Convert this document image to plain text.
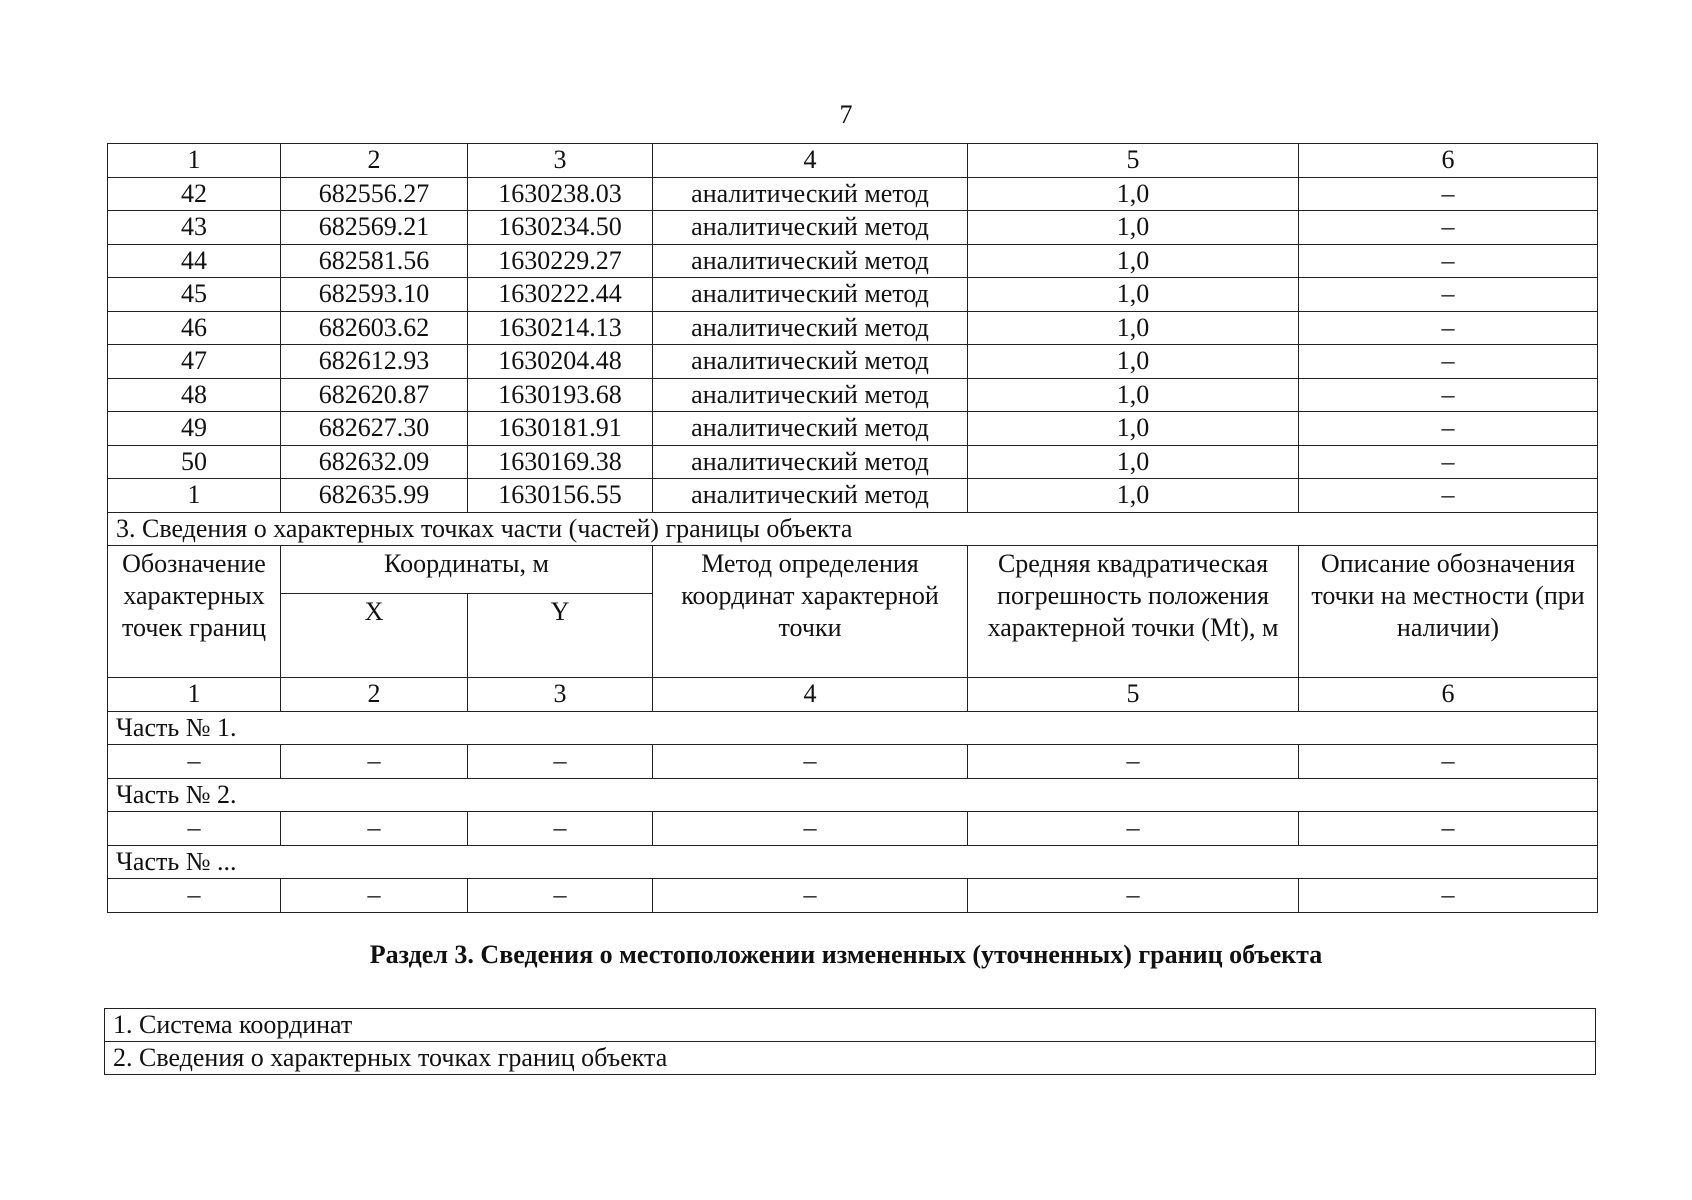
7
1	2	3	4	5	6
42	682556.27	1630238.03	аналитический метод	1,0	–
43	682569.21	1630234.50	аналитический метод	1,0	–
44	682581.56	1630229.27	аналитический метод	1,0	–
45	682593.10	1630222.44	аналитический метод	1,0	–
46	682603.62	1630214.13	аналитический метод	1,0	–
47	682612.93	1630204.48	аналитический метод	1,0	–
48	682620.87	1630193.68	аналитический метод	1,0	–
49	682627.30	1630181.91	аналитический метод	1,0	–
50	682632.09	1630169.38	аналитический метод	1,0	–
1	682635.99	1630156.55	аналитический метод	1,0	–
3. Сведения о характерных точках части (частей) границы объекта					
Обозначение характерных точек границ	Координаты, м		Метод определения координат характерной точки	Средняя квадратическая погрешность положения характерной точки (Mt), м	Описание обозначения точки на местности (при наличии)
	X	Y			
1	2	3	4	5	6
Часть № 1.					
–	–	–	–	–	–
Часть № 2.					
–	–	–	–	–	–
Часть № ...					
–	–	–	–	–	–
Раздел 3. Сведения о местоположении измененных (уточненных) границ объекта
1. Система координат
2. Сведения о характерных точках границ объекта
